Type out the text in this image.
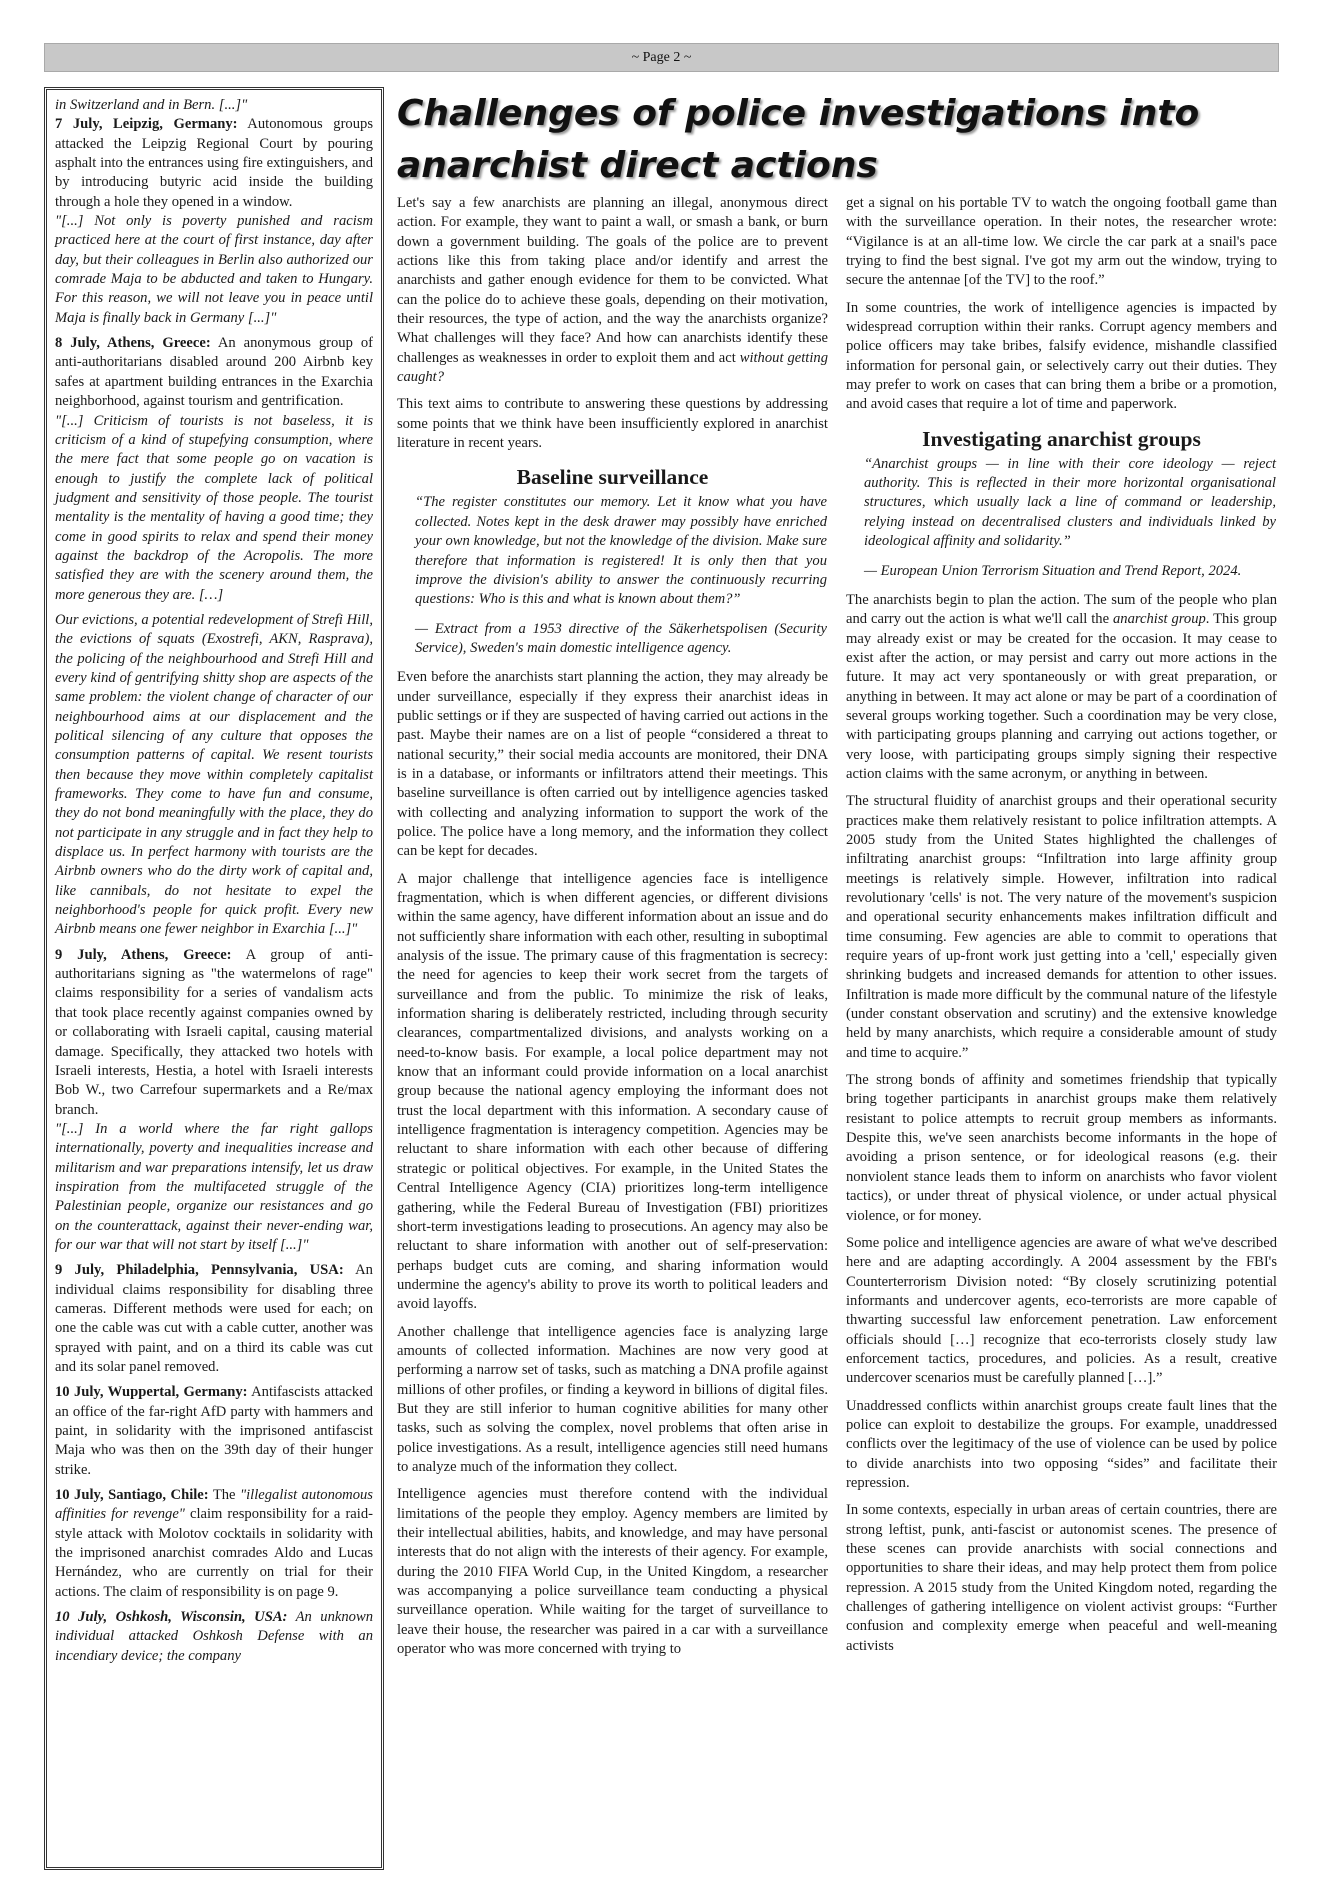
~ Page 2 ~

in Switzerland and in Bern. [...]"

7 July, Leipzig, Germany: Autonomous groups attacked the Leipzig Regional Court by pouring asphalt into the entrances using fire extinguishers, and by introducing butyric acid inside the building through a hole they opened in a window.

"[...] Not only is poverty punished and racism practiced here at the court of first instance, day after day, but their colleagues in Berlin also authorized our comrade Maja to be abducted and taken to Hungary. For this reason, we will not leave you in peace until Maja is finally back in Germany [...]"

8 July, Athens, Greece: An anonymous group of anti-authoritarians disabled around 200 Airbnb key safes at apartment building entrances in the Exarchia neighborhood, against tourism and gentrification.

"[...] Criticism of tourists is not baseless, it is criticism of a kind of stupefying consumption, where the mere fact that some people go on vacation is enough to justify the complete lack of political judgment and sensitivity of those people. The tourist mentality is the mentality of having a good time; they come in good spirits to relax and spend their money against the backdrop of the Acropolis. The more satisfied they are with the scenery around them, the more generous they are. […]

Our evictions, a potential redevelopment of Strefi Hill, the evictions of squats (Exostrefi, AKN, Rasprava), the policing of the neighbourhood and Strefi Hill and every kind of gentrifying shitty shop are aspects of the same problem: the violent change of character of our neighbourhood aims at our displacement and the political silencing of any culture that opposes the consumption patterns of capital. We resent tourists then because they move within completely capitalist frameworks. They come to have fun and consume, they do not bond meaningfully with the place, they do not participate in any struggle and in fact they help to displace us. In perfect harmony with tourists are the Airbnb owners who do the dirty work of capital and, like cannibals, do not hesitate to expel the neighborhood's people for quick profit. Every new Airbnb means one fewer neighbor in Exarchia [...]"

9 July, Athens, Greece: A group of anti-authoritarians signing as "the watermelons of rage" claims responsibility for a series of vandalism acts that took place recently against companies owned by or collaborating with Israeli capital, causing material damage. Specifically, they attacked two hotels with Israeli interests, Hestia, a hotel with Israeli interests Bob W., two Carrefour supermarkets and a Re/max branch.

"[...] In a world where the far right gallops internationally, poverty and inequalities increase and militarism and war preparations intensify, let us draw inspiration from the multifaceted struggle of the Palestinian people, organize our resistances and go on the counterattack, against their never-ending war, for our war that will not start by itself [...]"

9 July, Philadelphia, Pennsylvania, USA: An individual claims responsibility for disabling three cameras. Different methods were used for each; on one the cable was cut with a cable cutter, another was sprayed with paint, and on a third its cable was cut and its solar panel removed.

10 July, Wuppertal, Germany: Antifascists attacked an office of the far-right AfD party with hammers and paint, in solidarity with the imprisoned antifascist Maja who was then on the 39th day of their hunger strike.

10 July, Santiago, Chile: The "illegalist autonomous affinities for revenge" claim responsibility for a raid-style attack with Molotov cocktails in solidarity with the imprisoned anarchist comrades Aldo and Lucas Hernández, who are currently on trial for their actions. The claim of responsibility is on page 9.

10 July, Oshkosh, Wisconsin, USA: An unknown individual attacked Oshkosh Defense with an incendiary device; the company

Challenges of police investigations into anarchist direct actions

Let's say a few anarchists are planning an illegal, anonymous direct action. For example, they want to paint a wall, or smash a bank, or burn down a government building. The goals of the police are to prevent actions like this from taking place and/or identify and arrest the anarchists and gather enough evidence for them to be convicted. What can the police do to achieve these goals, depending on their motivation, their resources, the type of action, and the way the anarchists organize? What challenges will they face? And how can anarchists identify these challenges as weaknesses in order to exploit them and act without getting caught?

This text aims to contribute to answering these questions by addressing some points that we think have been insufficiently explored in anarchist literature in recent years.

Baseline surveillance

“The register constitutes our memory. Let it know what you have collected. Notes kept in the desk drawer may possibly have enriched your own knowledge, but not the knowledge of the division. Make sure therefore that information is registered! It is only then that you improve the division's ability to answer the continuously recurring questions: Who is this and what is known about them?”

— Extract from a 1953 directive of the Säkerhetspolisen (Security Service), Sweden's main domestic intelligence agency.

Even before the anarchists start planning the action, they may already be under surveillance, especially if they express their anarchist ideas in public settings or if they are suspected of having carried out actions in the past. Maybe their names are on a list of people “considered a threat to national security,” their social media accounts are monitored, their DNA is in a database, or informants or infiltrators attend their meetings. This baseline surveillance is often carried out by intelligence agencies tasked with collecting and analyzing information to support the work of the police. The police have a long memory, and the information they collect can be kept for decades.

A major challenge that intelligence agencies face is intelligence fragmentation, which is when different agencies, or different divisions within the same agency, have different information about an issue and do not sufficiently share information with each other, resulting in suboptimal analysis of the issue. The primary cause of this fragmentation is secrecy: the need for agencies to keep their work secret from the targets of surveillance and from the public. To minimize the risk of leaks, information sharing is deliberately restricted, including through security clearances, compartmentalized divisions, and analysts working on a need-to-know basis. For example, a local police department may not know that an informant could provide information on a local anarchist group because the national agency employing the informant does not trust the local department with this information. A secondary cause of intelligence fragmentation is interagency competition. Agencies may be reluctant to share information with each other because of differing strategic or political objectives. For example, in the United States the Central Intelligence Agency (CIA) prioritizes long-term intelligence gathering, while the Federal Bureau of Investigation (FBI) prioritizes short-term investigations leading to prosecutions. An agency may also be reluctant to share information with another out of self-preservation: perhaps budget cuts are coming, and sharing information would undermine the agency's ability to prove its worth to political leaders and avoid layoffs.

Another challenge that intelligence agencies face is analyzing large amounts of collected information. Machines are now very good at performing a narrow set of tasks, such as matching a DNA profile against millions of other profiles, or finding a keyword in billions of digital files. But they are still inferior to human cognitive abilities for many other tasks, such as solving the complex, novel problems that often arise in police investigations. As a result, intelligence agencies still need humans to analyze much of the information they collect.

Intelligence agencies must therefore contend with the individual limitations of the people they employ. Agency members are limited by their intellectual abilities, habits, and knowledge, and may have personal interests that do not align with the interests of their agency. For example, during the 2010 FIFA World Cup, in the United Kingdom, a researcher was accompanying a police surveillance team conducting a physical surveillance operation. While waiting for the target of surveillance to leave their house, the researcher was paired in a car with a surveillance operator who was more concerned with trying to

get a signal on his portable TV to watch the ongoing football game than with the surveillance operation. In their notes, the researcher wrote: “Vigilance is at an all-time low. We circle the car park at a snail's pace trying to find the best signal. I've got my arm out the window, trying to secure the antennae [of the TV] to the roof.”

In some countries, the work of intelligence agencies is impacted by widespread corruption within their ranks. Corrupt agency members and police officers may take bribes, falsify evidence, mishandle classified information for personal gain, or selectively carry out their duties. They may prefer to work on cases that can bring them a bribe or a promotion, and avoid cases that require a lot of time and paperwork.

Investigating anarchist groups

“Anarchist groups — in line with their core ideology — reject authority. This is reflected in their more horizontal organisational structures, which usually lack a line of command or leadership, relying instead on decentralised clusters and individuals linked by ideological affinity and solidarity.”

— European Union Terrorism Situation and Trend Report, 2024.

The anarchists begin to plan the action. The sum of the people who plan and carry out the action is what we'll call the anarchist group. This group may already exist or may be created for the occasion. It may cease to exist after the action, or may persist and carry out more actions in the future. It may act very spontaneously or with great preparation, or anything in between. It may act alone or may be part of a coordination of several groups working together. Such a coordination may be very close, with participating groups planning and carrying out actions together, or very loose, with participating groups simply signing their respective action claims with the same acronym, or anything in between.

The structural fluidity of anarchist groups and their operational security practices make them relatively resistant to police infiltration attempts. A 2005 study from the United States highlighted the challenges of infiltrating anarchist groups: “Infiltration into large affinity group meetings is relatively simple. However, infiltration into radical revolutionary 'cells' is not. The very nature of the movement's suspicion and operational security enhancements makes infiltration difficult and time consuming. Few agencies are able to commit to operations that require years of up-front work just getting into a 'cell,' especially given shrinking budgets and increased demands for attention to other issues. Infiltration is made more difficult by the communal nature of the lifestyle (under constant observation and scrutiny) and the extensive knowledge held by many anarchists, which require a considerable amount of study and time to acquire.”

The strong bonds of affinity and sometimes friendship that typically bring together participants in anarchist groups make them relatively resistant to police attempts to recruit group members as informants. Despite this, we've seen anarchists become informants in the hope of avoiding a prison sentence, or for ideological reasons (e.g. their nonviolent stance leads them to inform on anarchists who favor violent tactics), or under threat of physical violence, or under actual physical violence, or for money.

Some police and intelligence agencies are aware of what we've described here and are adapting accordingly. A 2004 assessment by the FBI's Counterterrorism Division noted: “By closely scrutinizing potential informants and undercover agents, eco-terrorists are more capable of thwarting successful law enforcement penetration. Law enforcement officials should […] recognize that eco-terrorists closely study law enforcement tactics, procedures, and policies. As a result, creative undercover scenarios must be carefully planned […].”

Unaddressed conflicts within anarchist groups create fault lines that the police can exploit to destabilize the groups. For example, unaddressed conflicts over the legitimacy of the use of violence can be used by police to divide anarchists into two opposing “sides” and facilitate their repression.

In some contexts, especially in urban areas of certain countries, there are strong leftist, punk, anti-fascist or autonomist scenes. The presence of these scenes can provide anarchists with social connections and opportunities to share their ideas, and may help protect them from police repression. A 2015 study from the United Kingdom noted, regarding the challenges of gathering intelligence on violent activist groups: “Further confusion and complexity emerge when peaceful and well-meaning activists
